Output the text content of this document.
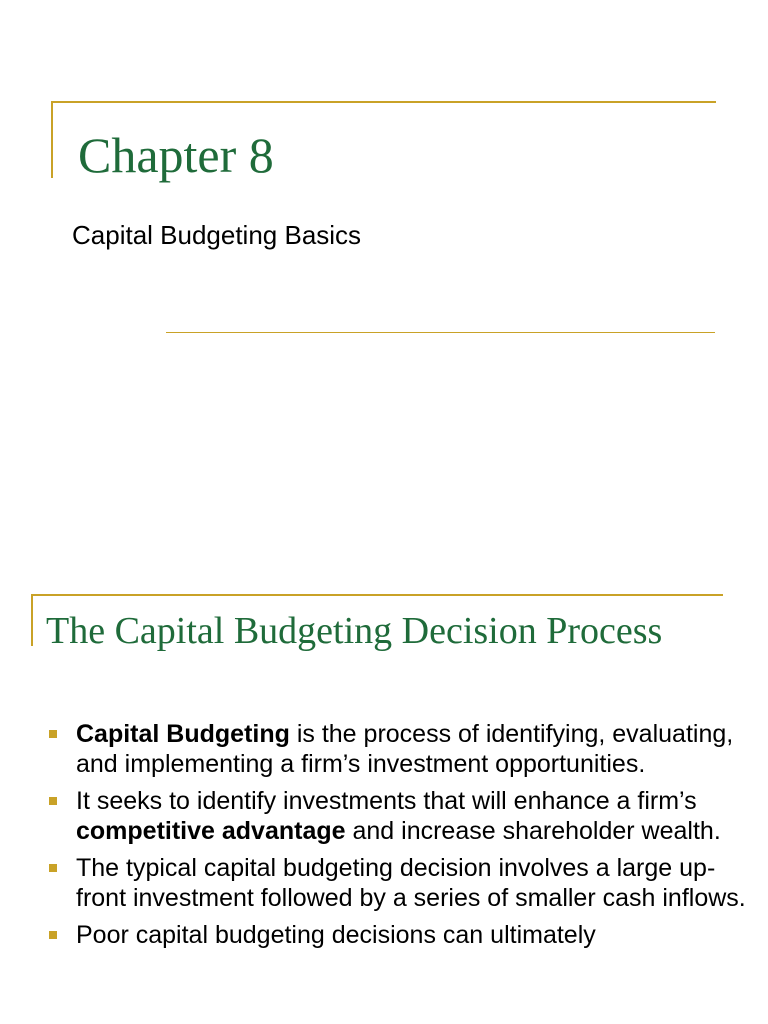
Chapter 8

Capital Budgeting Basics

The Capital Budgeting Decision Process
Capital Budgeting is the process of identifying, evaluating, and implementing a firm’s investment opportunities.
It seeks to identify investments that will enhance a firm’s competitive advantage and increase shareholder wealth.
The typical capital budgeting decision involves a large up-front investment followed by a series of smaller cash inflows.
Poor capital budgeting decisions can ultimately
